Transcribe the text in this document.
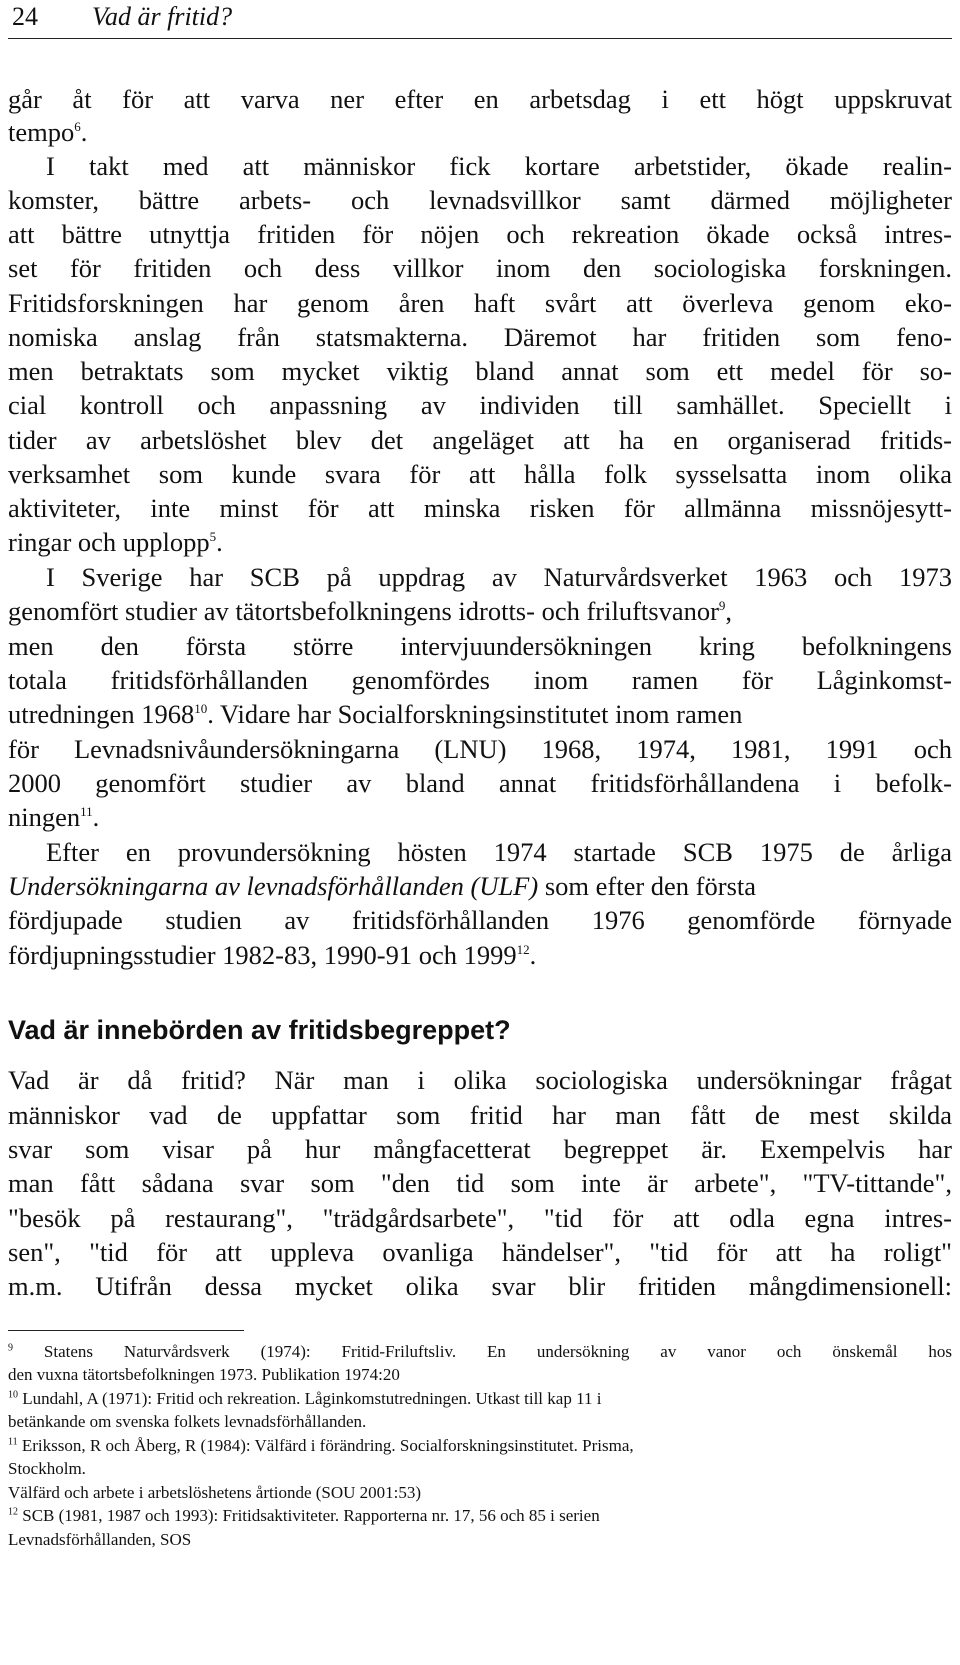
24 Vad är fritid?
går åt för att varva ner efter en arbetsdag i ett högt uppskruvat
tempo$^6$.
I takt med att människor fick kortare arbetstider, ökade realin-
komster, bättre arbets- och levnadsvillkor samt därmed möjligheter
att bättre utnyttja fritiden för nöjen och rekreation ökade också intres-
set för fritiden och dess villkor inom den sociologiska forskningen.
Fritidsforskningen har genom åren haft svårt att överleva genom eko-
nomiska anslag från statsmakterna. Däremot har fritiden som feno-
men betraktats som mycket viktig bland annat som ett medel för so-
cial kontroll och anpassning av individen till samhället. Speciellt i
tider av arbetslöshet blev det angeläget att ha en organiserad fritids-
verksamhet som kunde svara för att hålla folk sysselsatta inom olika
aktiviteter, inte minst för att minska risken för allmänna missnöjesytt-
ringar och upplopp$^5$.
I Sverige har SCB på uppdrag av Naturvårdsverket 1963 och 1973
genomfört studier av tätortsbefolkningens idrotts- och friluftsvanor$^9$,
men den första större intervjuundersökningen kring befolkningens
totala fritidsförhållanden genomfördes inom ramen för Låginkomst-
utredningen 1968$^{10}$. Vidare har Socialforskningsinstitutet inom ramen
för Levnadsnivåundersökningarna (LNU) 1968, 1974, 1981, 1991 och
2000 genomfört studier av bland annat fritidsförhållandena i befolk-
ningen$^{11}$.
Efter en provundersökning hösten 1974 startade SCB 1975 de årliga
Undersökningarna av levnadsförhållanden (ULF) som efter den första
fördjupade studien av fritidsförhållanden 1976 genomförde förnyade
fördjupningsstudier 1982-83, 1990-91 och 1999$^{12}$.
Vad är innebörden av fritidsbegreppet?
Vad är då fritid? När man i olika sociologiska undersökningar frågat
människor vad de uppfattar som fritid har man fått de mest skilda
svar som visar på hur mångfacetterat begreppet är. Exempelvis har
man fått sådana svar som "den tid som inte är arbete", "TV-tittande",
"besök på restaurang", "trädgårdsarbete", "tid för att odla egna intres-
sen", "tid för att uppleva ovanliga händelser", "tid för att ha roligt"
m.m. Utifrån dessa mycket olika svar blir fritiden mångdimensionell:
$^9$ Statens Naturvårdsverk (1974): Fritid-Friluftsliv. En undersökning av vanor och önskemål hos
den vuxna tätortsbefolkningen 1973. Publikation 1974:20
$^{10}$ Lundahl, A (1971): Fritid och rekreation. Låginkomstutredningen. Utkast till kap 11 i
betänkande om svenska folkets levnadsförhållanden.
$^{11}$ Eriksson, R och Åberg, R (1984): Välfärd i förändring. Socialforskningsinstitutet. Prisma,
Stockholm.
Välfärd och arbete i arbetslöshetens årtionde (SOU 2001:53)
$^{12}$ SCB (1981, 1987 och 1993): Fritidsaktiviteter. Rapporterna nr. 17, 56 och 85 i serien
Levnadsförhållanden, SOS
